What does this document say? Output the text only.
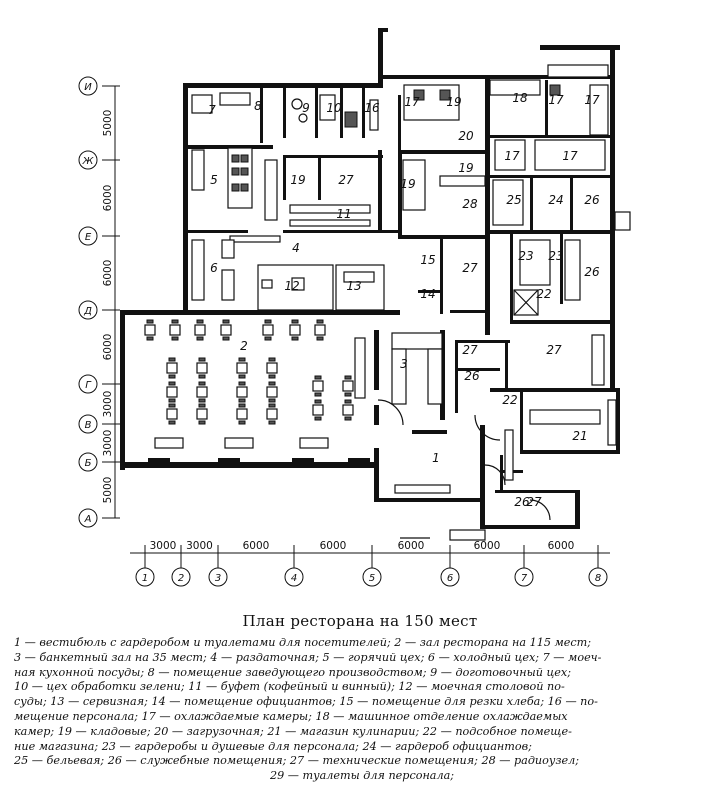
1
2
3
4
5
6
7	8	9 10
11
12	13
14
15
16 17
17	17
17 17
18
19
19
19
19
20
21
22
22
23 23
24
25	26
26
26
26
27
27
27
27
27
28
И
Ж
Е
Д
Г
В
Б
А
5000
6000
6000
6000
3000
3000
5000
1	2	3	4	5	6	7	8
3000 3000	6000	6000	6000	6000	6000
План ресторана на 150 мест
1 — вестибюль с гардеробом и туалетами для посетителей; 2 — зал ресторана на 115 мест;
3 — банкетный зал на 35 мест; 4 — раздаточная; 5 — горячий цех; 6 — холодный цех; 7 — моеч-
ная кухонной посуды; 8 — помещение заведующего производством; 9 — доготовочный цех;
10 — цех обработки зелени; 11 — буфет (кофейный и винный); 12 — моечная столовой по-
суды; 13 — сервизная; 14 — помещение официантов; 15 — помещение для резки хлеба; 16 — по-
мещение персонала; 17 — охлаждаемые камеры; 18 — машинное отделение охлаждаемых
камер; 19 — кладовые; 20 — загрузочная; 21 — магазин кулинарии; 22 — подсобное помеще-
ние магазина; 23 — гардеробы и душевые для персонала; 24 — гардероб официантов;
25 — бельевая; 26 — служебные помещения; 27 — технические помещения; 28 — радиоузел;
29 — туалеты для персонала;
